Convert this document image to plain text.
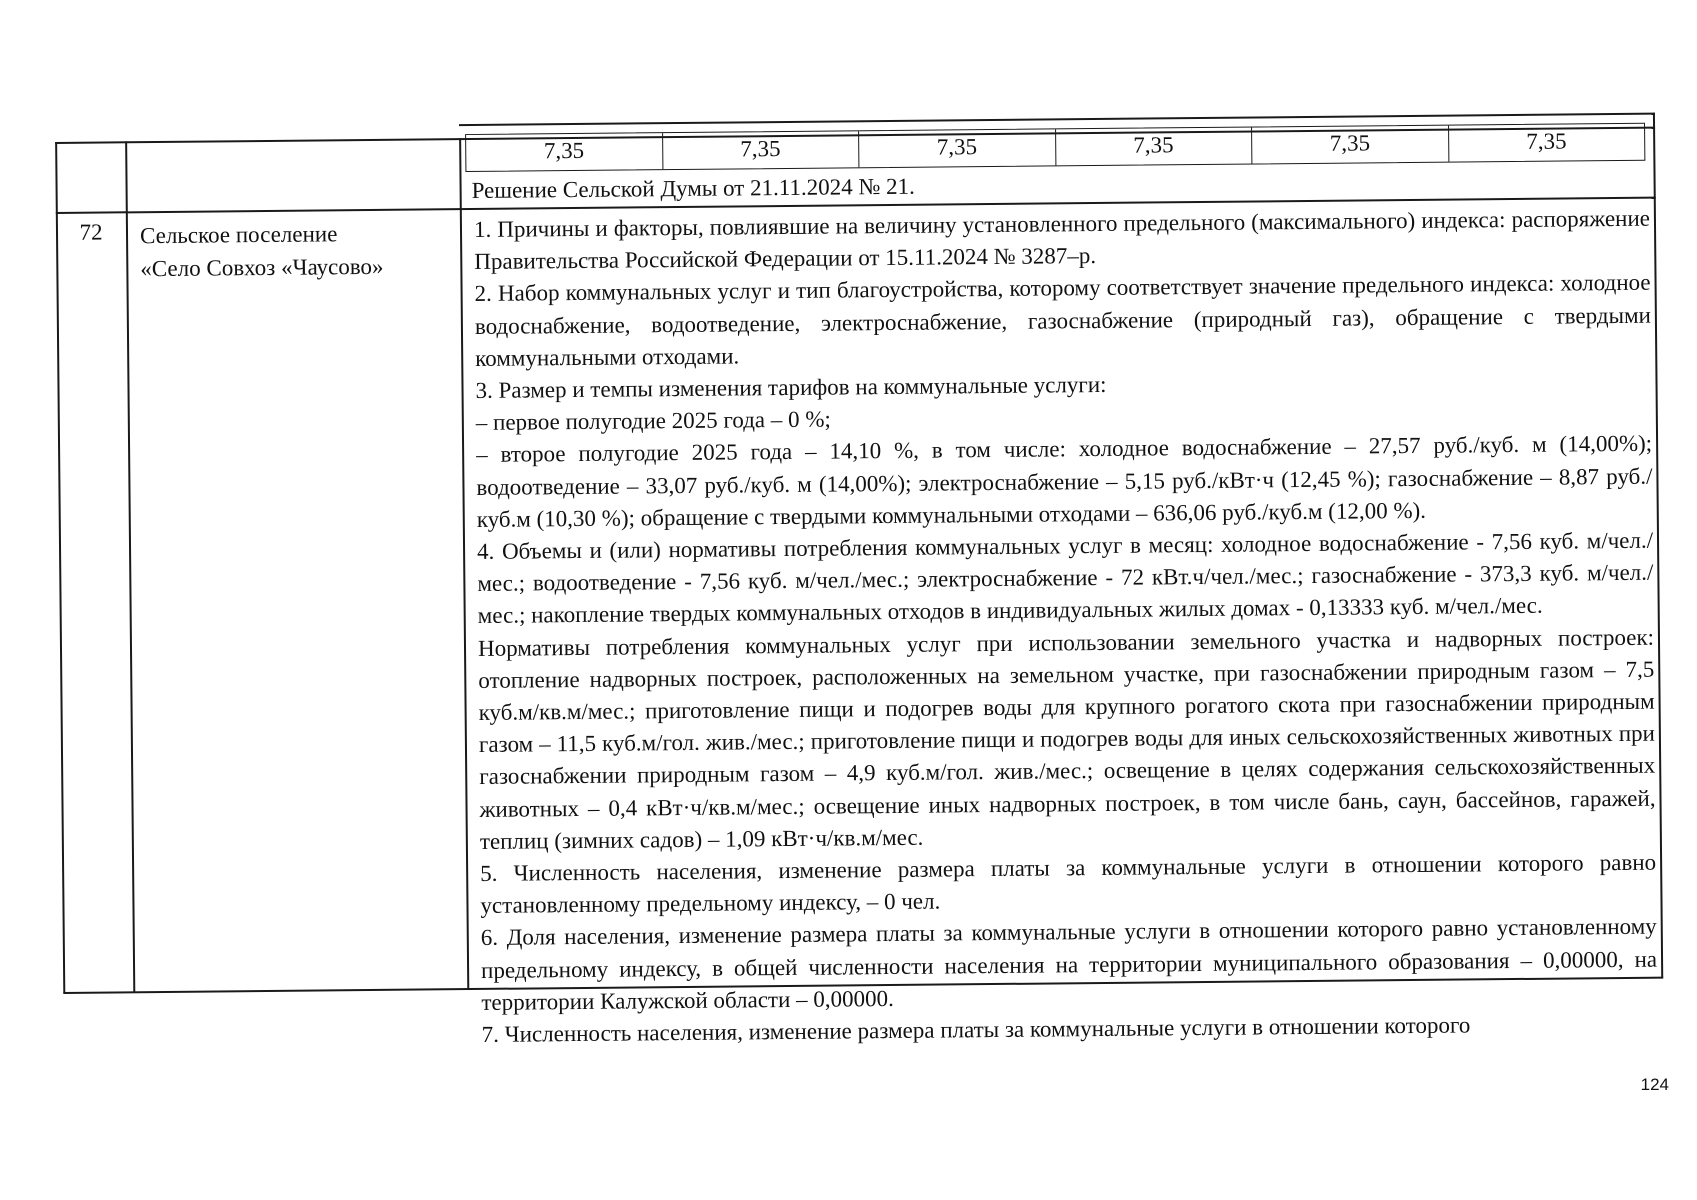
7,35	7,35	7,35	7,35	7,35	7,35
Решение Сельской Думы от 21.11.2024 № 21.
72	Сельское поселение
«Село Совхоз «Чаусово»

1. Причины и факторы, повлиявшие на величину установленного предельного (максимального) индекса: распоряжение Правительства Российской Федерации от 15.11.2024 № 3287–р.

2. Набор коммунальных услуг и тип благоустройства, которому соответствует значение предельного индекса: холодное водоснабжение, водоотведение, электроснабжение, газоснабжение (природный газ), обращение с твердыми коммунальными отходами.

3. Размер и темпы изменения тарифов на коммунальные услуги:

– первое полугодие 2025 года – 0 %;

– второе полугодие 2025 года – 14,10 %, в том числе: холодное водоснабжение – 27,57 руб./куб. м (14,00%); водоотведение – 33,07 руб./куб. м (14,00%); электроснабжение – 5,15 руб./кВт·ч (12,45 %); газоснабжение – 8,87 руб./куб.м (10,30 %); обращение с твердыми коммунальными отходами – 636,06 руб./куб.м (12,00 %).

4. Объемы и (или) нормативы потребления коммунальных услуг в месяц: холодное водоснабжение - 7,56 куб. м/чел./мес.; водоотведение - 7,56 куб. м/чел./мес.; электроснабжение - 72 кВт.ч/чел./мес.; газоснабжение - 373,3 куб. м/чел./мес.; накопление твердых коммунальных отходов в индивидуальных жилых домах - 0,13333 куб. м/чел./мес.

Нормативы потребления коммунальных услуг при использовании земельного участка и надворных построек: отопление надворных построек, расположенных на земельном участке, при газоснабжении природным газом – 7,5 куб.м/кв.м/мес.; приготовление пищи и подогрев воды для крупного рогатого скота при газоснабжении природным газом – 11,5 куб.м/гол. жив./мес.; приготовление пищи и подогрев воды для иных сельскохозяйственных животных при газоснабжении природным газом – 4,9 куб.м/гол. жив./мес.; освещение в целях содержания сельскохозяйственных животных – 0,4 кВт·ч/кв.м/мес.; освещение иных надворных построек, в том числе бань, саун, бассейнов, гаражей, теплиц (зимних садов) – 1,09 кВт·ч/кв.м/мес.

5. Численность населения, изменение размера платы за коммунальные услуги в отношении которого равно установленному предельному индексу, – 0 чел.

6. Доля населения, изменение размера платы за коммунальные услуги в отношении которого равно установленному предельному индексу, в общей численности населения на территории муниципального образования – 0,00000, на территории Калужской области – 0,00000.

7. Численность населения, изменение размера платы за коммунальные услуги в отношении которого

124
